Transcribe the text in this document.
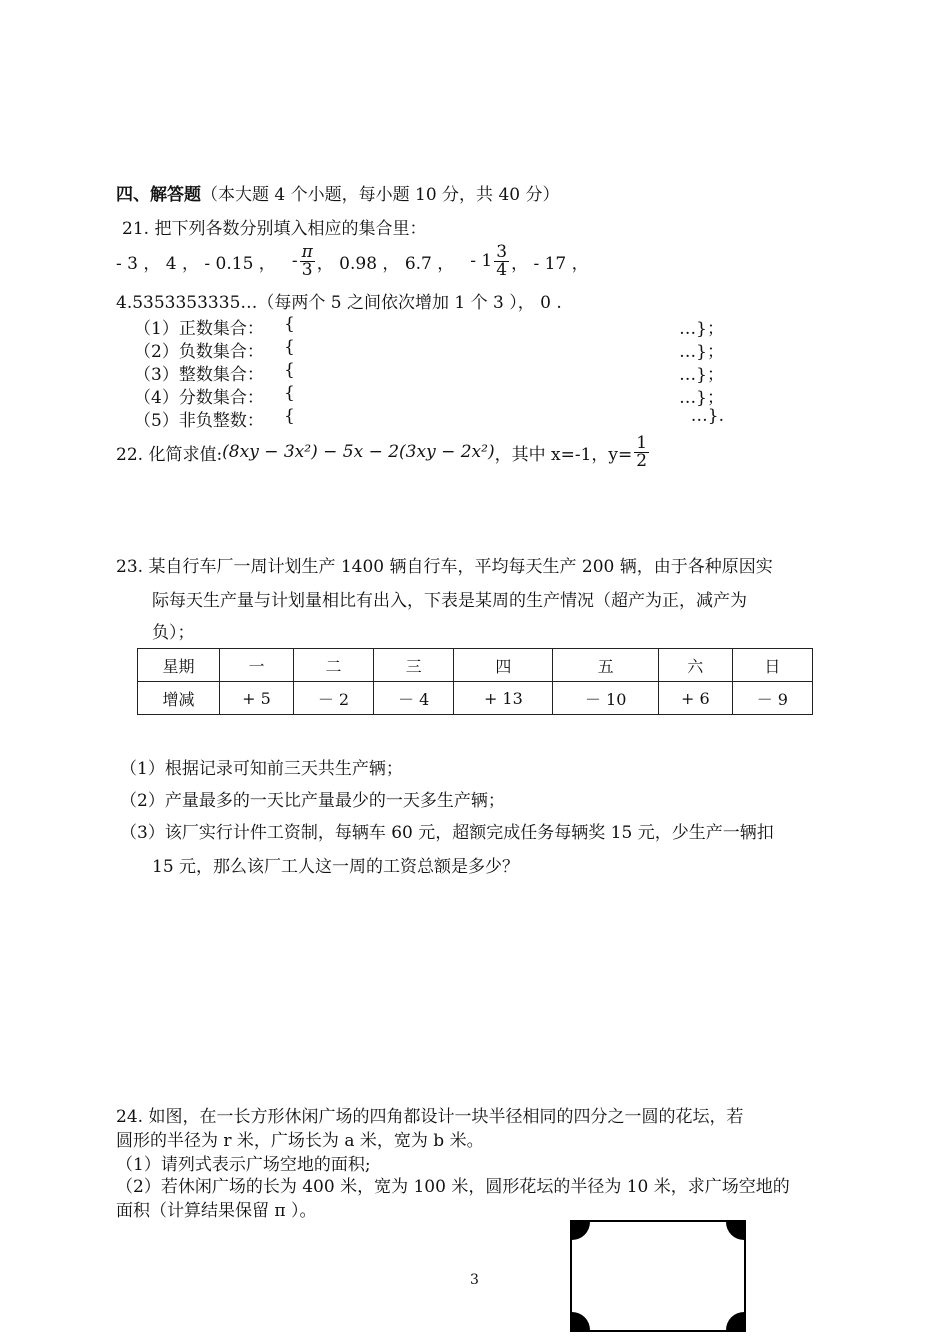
四、解答题（本大题 4 个小题，每小题 10 分，共 40 分）
21. 把下列各数分别填入相应的集合里：
- 3 ， 4 ， - 0.15 ， - $\frac{\pi}{3}$ ， 0.98 ， 6.7 ， - $1 \frac{3}{4}$ ， - 17 ，
4.5353353335…（每两个 5 之间依次增加 1 个 3 ）， 0 .
（1）正数集合： {	…}；
（2）负数集合： {	…}；
（3）整数集合： {	…}；
（4）分数集合： {	…}；
（5）非负整数： {	…}.
22. 化简求值: (8xy − 3x²) − 5x − 2(3xy − 2x²) ，其中 x=-1，$y= \frac{1}{2}$
23. 某自行车厂一周计划生产 1400 辆自行车，平均每天生产 200 辆，由于各种原因实
际每天生产量与计划量相比有出入，下表是某周的生产情况（超产为正，减产为
负）；
星期	一	二	三	四	五	六	日
增减	+ 5	－ 2	－ 4	+ 13	－ 10	+ 6	－ 9
（1）根据记录可知前三天共生产辆；
（2）产量最多的一天比产量最少的一天多生产辆；
（3）该厂实行计件工资制，每辆车 60 元，超额完成任务每辆奖 15 元，少生产一辆扣
15 元，那么该厂工人这一周的工资总额是多少？
24. 如图，在一长方形休闲广场的四角都设计一块半径相同的四分之一圆的花坛，若
圆形的半径为 r 米，广场长为 a 米，宽为 b 米。
（1）请列式表示广场空地的面积;
（2）若休闲广场的长为 400 米，宽为 100 米，圆形花坛的半径为 10 米，求广场空地的
面积（计算结果保留 π ）。
3
